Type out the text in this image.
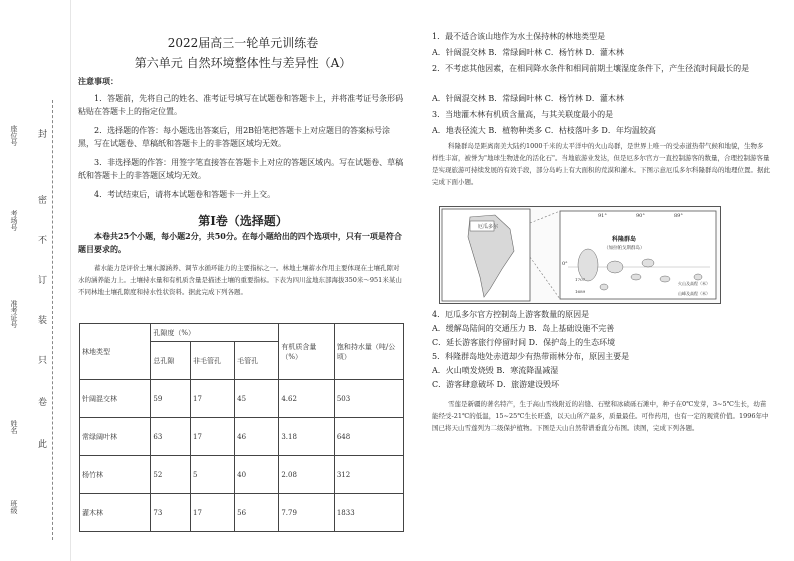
封
密
不
订
装
只
卷
此
座位号
考场号
准考证号
姓名
班级
2022届高三一轮单元训练卷
第六单元 自然环境整体性与差异性（A）
注意事项：
1．答题前，先将自己的姓名、准考证号填写在试题卷和答题卡上，并将准考证号条形码粘贴在答题卡上的指定位置。
2．选择题的作答：每小题选出答案后，用2B铅笔把答题卡上对应题目的答案标号涂黑，写在试题卷、草稿纸和答题卡上的非答题区域均无效。
3．非选择题的作答：用签字笔直接答在答题卡上对应的答题区域内。写在试题卷、草稿纸和答题卡上的非答题区域均无效。
4．考试结束后，请将本试题卷和答题卡一并上交。
第Ⅰ卷（选择题）
本卷共25个小题，每小题2分，共50分。在每小题给出的四个选项中，只有一项是符合题目要求的。
蓄水能力是评价土壤水源涵养、调节水循环能力的主要指标之一。林地土壤蓄水作用主要体现在土壤孔隙对水的涵养能力上。土壤持水量和有机质含量是描述土壤的重要指标。下表为四川盆地东部海拔350米～951米某山不同林地土壤孔隙度和持水性状资料。据此完成下列各题。
林地类型	孔隙度（%）			有机质含量（%）	饱和持水量（吨/公顷）
	总孔隙	非毛管孔	毛管孔		
针阔混交林	59	17	45	4.62	503
常绿阔叶林	63	17	46	3.18	648
杨竹林	52	5	40	2.08	312
灌木林	73	17	56	7.79	1833
1．最不适合该山地作为水土保持林的林地类型是
A．针阔混交林 B．常绿阔叶林 C．杨竹林 D．灌木林
2．不考虑其他因素，在相同降水条件和相同前期土壤湿度条件下，产生径流时间最长的是
A．针阔混交林 B．常绿阔叶林 C．杨竹林 D．灌木林
3．当地灌木林有机质含量高，与其关联度最小的是
A．地表径流大 B．植物种类多 C．枯枝落叶多 D．年均温较高
科隆群岛是距离南美大陆约1000千米的太平洋中的火山岛群，是世界上唯一的受赤道热带气候和地貌，生物多样性丰富，被誉为"地球生物进化的活化石"。当地旅游业发达，但是厄多尔官方一直控制游客的数量，合理控制游客量是实现旅游可持续发展的有效手段，部分岛屿上有大面积的荒漠和灌木。下图示意厄瓜多尔科隆群岛的地理位置。据此完成下面小题。
厄瓜多尔
91°	90°	89°
0°
科隆群岛
（加拉帕戈斯群岛）
1707
1689
火山及高程（米）
山峰及高程（米）
4．厄瓜多尔官方控制岛上游客数量的原因是
A．缓解岛陆间的交通压力 B．岛上基础设施不完善
C．延长游客旅行停留时间 D．保护岛上的生态环境
5．科隆群岛地处赤道却少有热带雨林分布，原因主要是
A．火山喷发烧毁 B．寒流降温减湿
C．游客肆意破坏 D．旅游建设毁坏
雪莲是新疆的著名特产，生于高山雪线附近的岩缝、石壁和冰碛砾石滩中，种子在0℃发芽，3~5℃生长，幼苗能经受-21℃的低温，15~25℃生长旺盛，以天山所产最多，质量最佳。可作药用，也有一定的观赏价值。1996年中国已将天山雪莲列为二级保护植物。下图是天山自然带谱垂直分布图。读图，完成下列各题。
